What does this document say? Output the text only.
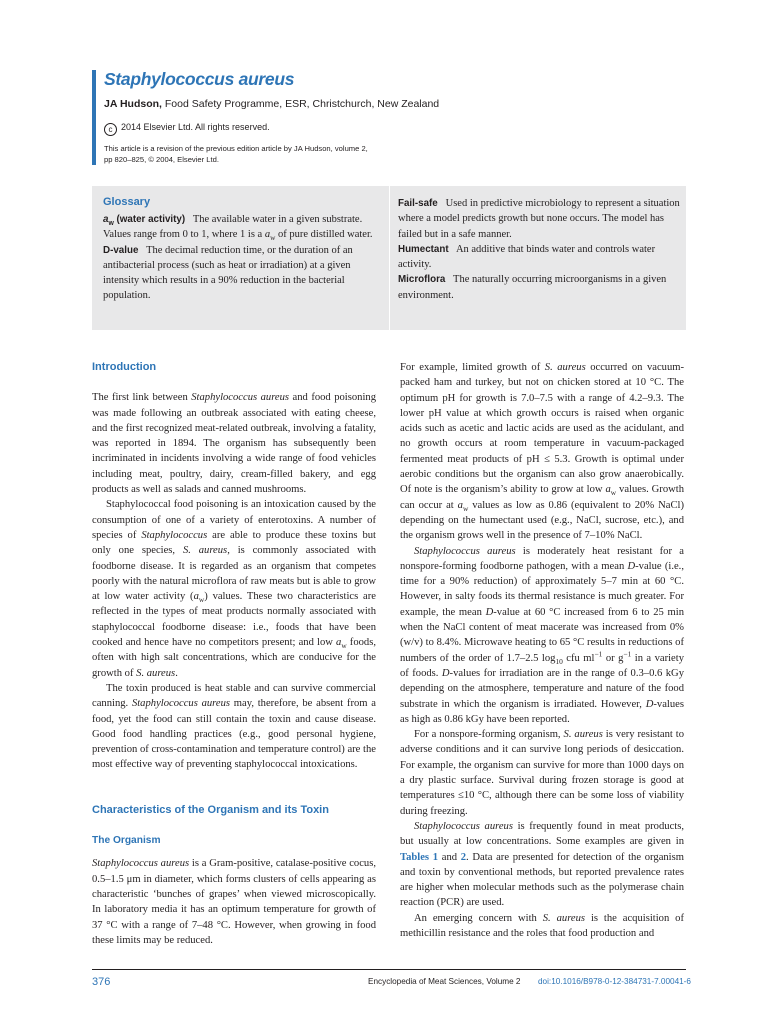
Staphylococcus aureus
JA Hudson, Food Safety Programme, ESR, Christchurch, New Zealand
c 2014 Elsevier Ltd. All rights reserved.
This article is a revision of the previous edition article by JA Hudson, volume 2,
pp 820–825, © 2004, Elsevier Ltd.
Glossary
$a_w$ (water activity) The available water in a given substrate. Values range from 0 to 1, where 1 is a $a_w$ of pure distilled water.
D-value The decimal reduction time, or the duration of an antibacterial process (such as heat or irradiation) at a given intensity which results in a 90% reduction in the bacterial population.
Fail-safe Used in predictive microbiology to represent a situation where a model predicts growth but none occurs. The model has failed but in a safe manner.
Humectant An additive that binds water and controls water activity.
Microflora The naturally occurring microorganisms in a given environment.
Introduction

The first link between Staphylococcus aureus and food poisoning was made following an outbreak associated with eating cheese, and the first recognized meat-related outbreak, involving a fatality, was reported in 1894. The organism has subsequently been incriminated in incidents involving a wide range of food vehicles including meat, poultry, dairy, cream-filled bakery, and egg products as well as salads and canned mushrooms.

Staphylococcal food poisoning is an intoxication caused by the consumption of one of a variety of enterotoxins. A number of species of Staphylococcus are able to produce these toxins but only one species, S. aureus, is commonly associated with foodborne disease. It is regarded as an organism that competes poorly with the natural microflora of raw meats but is able to grow at low water activity $(a_w)$ values. These two characteristics are reflected in the types of meat products normally associated with staphylococcal foodborne disease: i.e., foods that have been cooked and hence have no competitors present; and low $a_w$ foods, often with high salt concentrations, which are conducive for the growth of S. aureus.

The toxin produced is heat stable and can survive commercial canning. Staphylococcus aureus may, therefore, be absent from a food, yet the food can still contain the toxin and cause disease. Good food handling practices (e.g., good personal hygiene, prevention of cross-contamination and temperature control) are the most effective way of preventing staphylococcal intoxications.

Characteristics of the Organism and its Toxin
The Organism

Staphylococcus aureus is a Gram-positive, catalase-positive cocus, 0.5–1.5 μm in diameter, which forms clusters of cells appearing as characteristic ‘bunches of grapes’ when viewed microscopically. In laboratory media it has an optimum temperature for growth of 37 °C with a range of 7–48 °C. However, when growing in food these limits may be reduced.

For example, limited growth of S. aureus occurred on vacuum-packed ham and turkey, but not on chicken stored at 10 °C. The optimum pH for growth is 7.0–7.5 with a range of 4.2–9.3. The lower pH value at which growth occurs is raised when organic acids such as acetic and lactic acids are used as the acidulant, and no growth occurs at room temperature in vacuum-packaged fermented meat products of pH ≤ 5.3. Growth is optimal under aerobic conditions but the organism can also grow anaerobically. Of note is the organism’s ability to grow at low $a_w$ values. Growth can occur at $a_w$ values as low as 0.86 (equivalent to 20% NaCl) depending on the humectant used (e.g., NaCl, sucrose, etc.), and the organism grows well in the presence of 7–10% NaCl.

Staphylococcus aureus is moderately heat resistant for a nonspore-forming foodborne pathogen, with a mean D-value (i.e., time for a 90% reduction) of approximately 5–7 min at 60 °C. However, in salty foods its thermal resistance is much greater. For example, the mean D-value at 60 °C increased from 6 to 25 min when the NaCl content of meat macerate was increased from 0% (w/v) to 8.4%. Microwave heating to 65 °C results in reductions of numbers of the order of 1.7–2.5 $\log_{10}$ cfu $ml^{-1}$ or $g^{-1}$ in a variety of foods. D-values for irradiation are in the range of 0.3–0.6 kGy depending on the atmosphere, temperature and nature of the food substrate in which the organism is irradiated. However, D-values as high as 0.86 kGy have been reported.

For a nonspore-forming organism, S. aureus is very resistant to adverse conditions and it can survive long periods of desiccation. For example, the organism can survive for more than 1000 days on a dry plastic surface. Survival during frozen storage is good at temperatures ≤10 °C, although there can be some loss of viability during freezing.

Staphylococcus aureus is frequently found in meat products, but usually at low concentrations. Some examples are given in Tables 1 and 2. Data are presented for detection of the organism and toxin by conventional methods, but reported prevalence rates are higher when molecular methods such as the polymerase chain reaction (PCR) are used.

An emerging concern with S. aureus is the acquisition of methicillin resistance and the roles that food production and

376	Encyclopedia of Meat Sciences, Volume 2 doi:10.1016/B978-0-12-384731-7.00041-6
